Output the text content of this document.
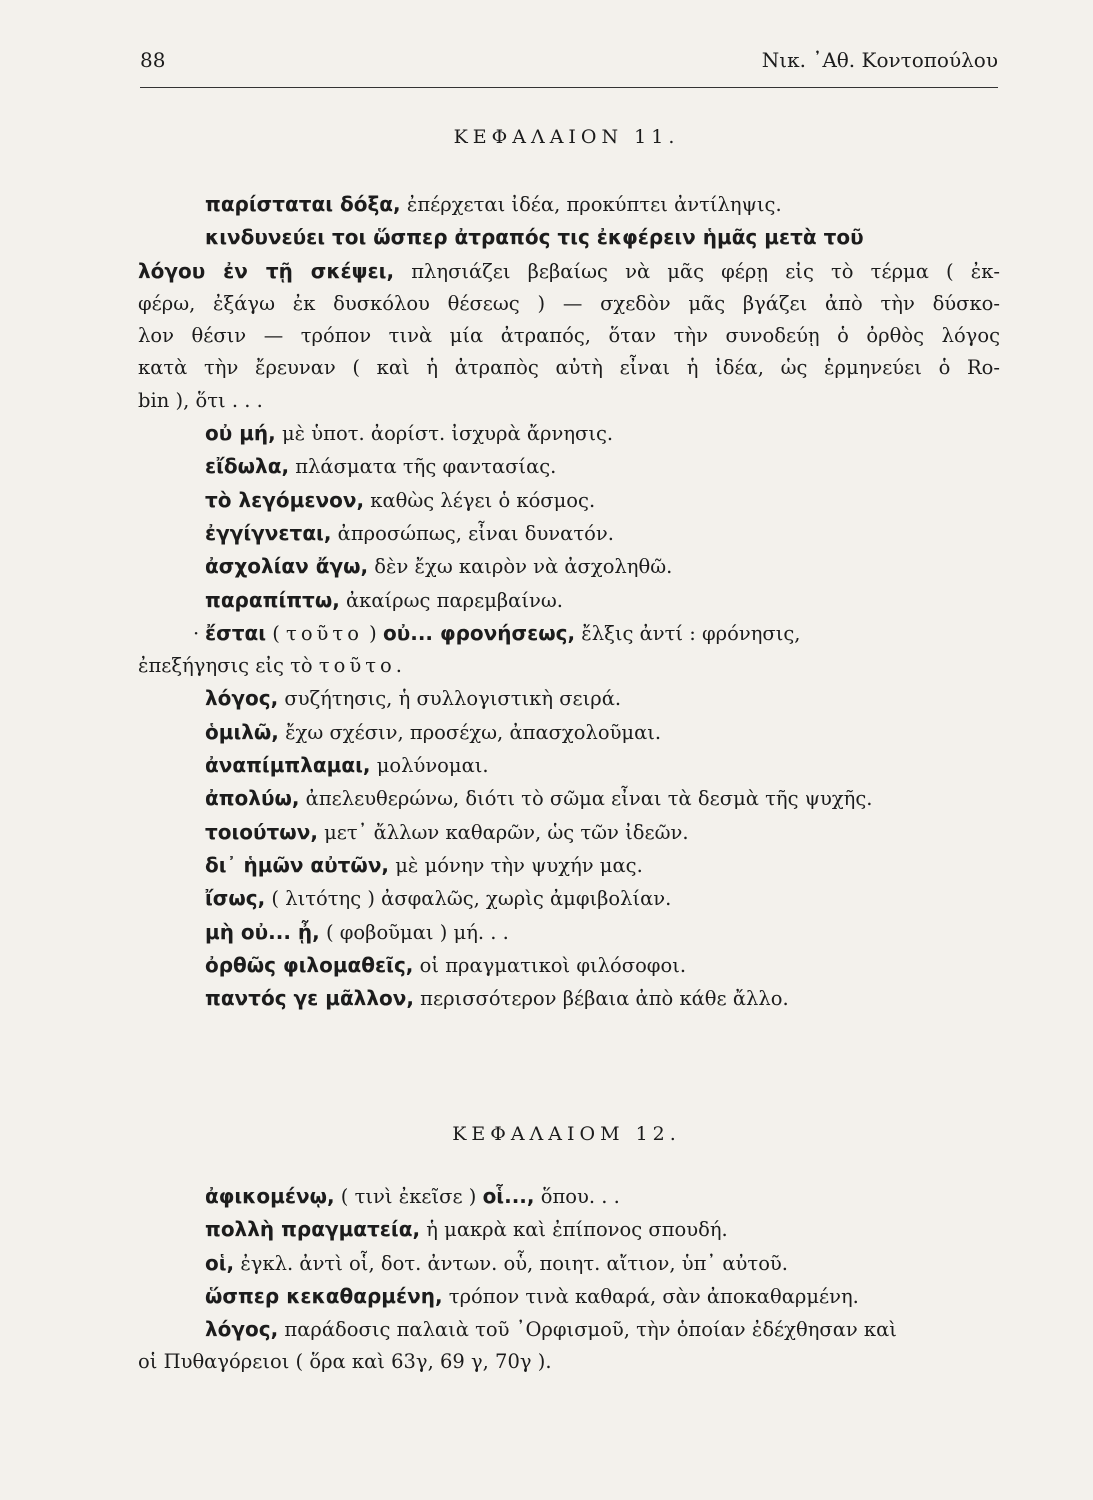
88	Νικ. ᾿Αθ. Κοντοπούλου
ΚΕΦΑΛΑΙΟΝ 11.
παρίσταται δόξα, ἐπέρχεται ἰδέα, προκύπτει ἀντίληψις.
κινδυνεύει τοι ὥσπερ ἀτραπός τις ἐκφέρειν ἡμᾶς μετὰ τοῦ
λόγου ἐν τῇ σκέψει, πλησιάζει βεβαίως νὰ μᾶς φέρῃ εἰς τὸ τέρμα ( ἐκ-
φέρω, ἐξάγω ἐκ δυσκόλου θέσεως ) — σχεδὸν μᾶς βγάζει ἀπὸ τὴν δύσκο-
λον θέσιν — τρόπον τινὰ μία ἀτραπός, ὅταν τὴν συνοδεύῃ ὁ ὀρθὸς λόγος
κατὰ τὴν ἔρευναν ( καὶ ἡ ἀτραπὸς αὐτὴ εἶναι ἡ ἰδέα, ὡς ἑρμηνεύει ὁ Ro-
bin ), ὅτι . . .
οὐ μή, μὲ ὑποτ. ἀορίστ. ἰσχυρὰ ἄρνησις.
εἴδωλα, πλάσματα τῆς φαντασίας.
τὸ λεγόμενον, καθὼς λέγει ὁ κόσμος.
ἐγγίγνεται, ἀπροσώπως, εἶναι δυνατόν.
ἀσχολίαν ἄγω, δὲν ἔχω καιρὸν νὰ ἀσχοληθῶ.
παραπίπτω, ἀκαίρως παρεμβαίνω.
· ἔσται ( τοῦτο ) οὐ... φρονήσεως, ἔλξις ἀντί : φρόνησις,
ἐπεξήγησις εἰς τὸ τοῦτο.
λόγος, συζήτησις, ἡ συλλογιστικὴ σειρά.
ὁμιλῶ, ἔχω σχέσιν, προσέχω, ἀπασχολοῦμαι.
ἀναπίμπλαμαι, μολύνομαι.
ἀπολύω, ἀπελευθερώνω, διότι τὸ σῶμα εἶναι τὰ δεσμὰ τῆς ψυχῆς.
τοιούτων, μετ᾽ ἄλλων καθαρῶν, ὡς τῶν ἰδεῶν.
δι᾽ ἡμῶν αὐτῶν, μὲ μόνην τὴν ψυχήν μας.
ἴσως, ( λιτότης ) ἀσφαλῶς, χωρὶς ἀμφιβολίαν.
μὴ οὐ... ᾖ, ( φοβοῦμαι ) μή. . .
ὀρθῶς φιλομαθεῖς, οἱ πραγματικοὶ φιλόσοφοι.
παντός γε μᾶλλον, περισσότερον βέβαια ἀπὸ κάθε ἄλλο.
ΚΕΦΑΛΑΙΟΜ 12.
ἀφικομένῳ, ( τινὶ ἐκεῖσε ) οἷ..., ὅπου. . .
πολλὴ πραγματεία, ἡ μακρὰ καὶ ἐπίπονος σπουδή.
οἱ, ἐγκλ. ἀντὶ οἷ, δοτ. ἀντων. οὗ, ποιητ. αἴτιον, ὑπ᾽ αὐτοῦ.
ὥσπερ κεκαθαρμένη, τρόπον τινὰ καθαρά, σὰν ἀποκαθαρμένη.
λόγος, παράδοσις παλαιὰ τοῦ ᾿Ορφισμοῦ, τὴν ὁποίαν ἐδέχθησαν καὶ
οἱ Πυθαγόρειοι ( ὅρα καὶ 63γ, 69 γ, 70γ ).
